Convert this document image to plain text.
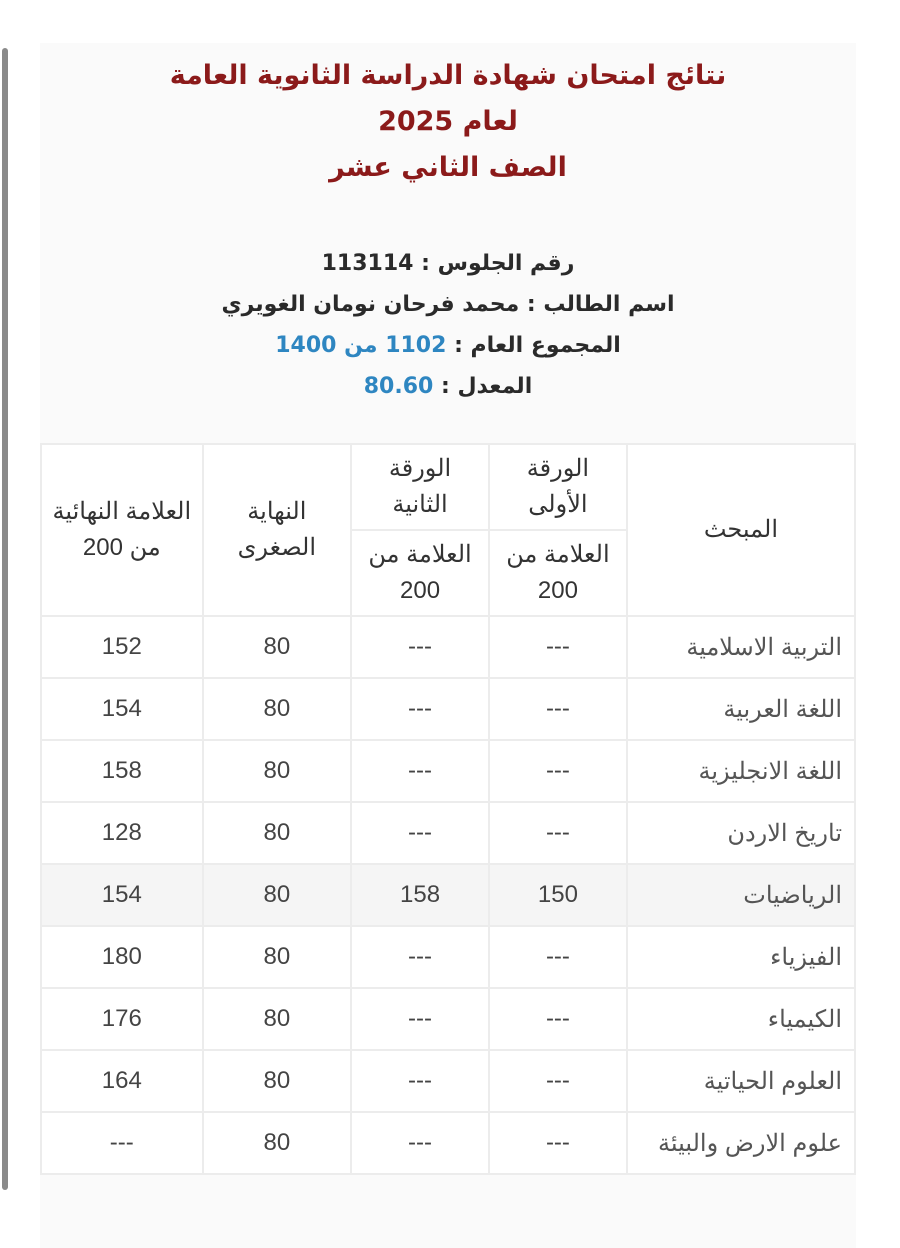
نتائج امتحان شهادة الدراسة الثانوية العامة
لعام 2025
الصف الثاني عشر
رقم الجلوس : 113114
اسم الطالب : محمد فرحان نومان الغويري
المجموع العام : 1102 من 1400
المعدل : 80.60
المبحث	الورقة الأولى	الورقة الثانية	النهاية الصغرى	العلامة النهائية من 200
	العلامة من 200	العلامة من 200		
التربية الاسلامية	---	---	80	152
اللغة العربية	---	---	80	154
اللغة الانجليزية	---	---	80	158
تاريخ الاردن	---	---	80	128
الرياضيات	150	158	80	154
الفيزياء	---	---	80	180
الكيمياء	---	---	80	176
العلوم الحياتية	---	---	80	164
علوم الارض والبيئة	---	---	80	---
